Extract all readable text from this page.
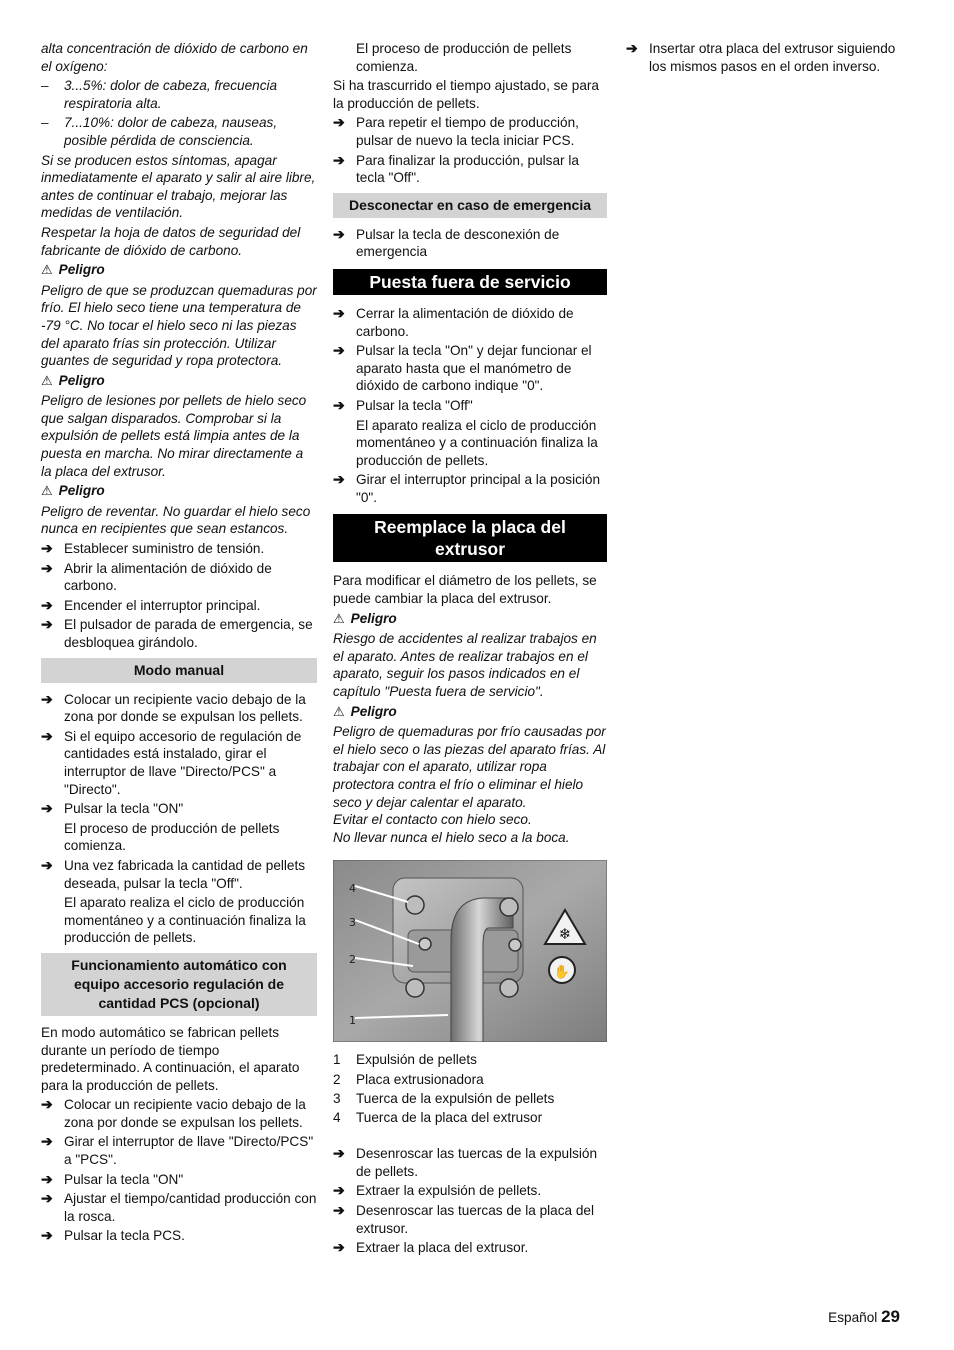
alta concentración de dióxido de carbono en el oxígeno:

– 3...5%: dolor de cabeza, frecuencia respiratoria alta.
– 7...10%: dolor de cabeza, nauseas, posible pérdida de consciencia.

Si se producen estos síntomas, apagar inmediatamente el aparato y salir al aire libre, antes de continuar el trabajo, mejorar las medidas de ventilación.

Respetar la hoja de datos de seguridad del fabricante de dióxido de carbono.

⚠ Peligro

Peligro de que se produzcan quemaduras por frío. El hielo seco tiene una temperatura de -79 °C. No tocar el hielo seco ni las piezas del aparato frías sin protección. Utilizar guantes de seguridad y ropa protectora.

⚠ Peligro

Peligro de lesiones por pellets de hielo seco que salgan disparados. Comprobar si la expulsión de pellets está limpia antes de la puesta en marcha. No mirar directamente a la placa del extrusor.

⚠ Peligro

Peligro de reventar. No guardar el hielo seco nunca en recipientes que sean estancos.

➔ Establecer suministro de tensión.
➔ Abrir la alimentación de dióxido de carbono.
➔ Encender el interruptor principal.
➔ El pulsador de parada de emergencia, se desbloquea girándolo.
Modo manual
➔ Colocar un recipiente vacio debajo de la zona por donde se expulsan los pellets.
➔ Si el equipo accesorio de regulación de cantidades está instalado, girar el interruptor de llave "Directo/PCS" a "Directo".
➔ Pulsar la tecla "ON"
El proceso de producción de pellets comienza.
➔ Una vez fabricada la cantidad de pellets deseada, pulsar la tecla "Off".
El aparato realiza el ciclo de producción momentáneo y a continuación finaliza la producción de pellets.
Funcionamiento automático con equipo accesorio regulación de cantidad PCS (opcional)

En modo automático se fabrican pellets durante un período de tiempo predeterminado. A continuación, el aparato para la producción de pellets.

➔ Colocar un recipiente vacio debajo de la zona por donde se expulsan los pellets.
➔ Girar el interruptor de llave "Directo/PCS" a "PCS".
➔ Pulsar la tecla "ON"
➔ Ajustar el tiempo/cantidad producción con la rosca.
➔ Pulsar la tecla PCS.
El proceso de producción de pellets comienza.

Si ha trascurrido el tiempo ajustado, se para la producción de pellets.

➔ Para repetir el tiempo de producción, pulsar de nuevo la tecla iniciar PCS.
➔ Para finalizar la producción, pulsar la tecla "Off".
Desconectar en caso de emergencia
➔ Pulsar la tecla de desconexión de emergencia
Puesta fuera de servicio
➔ Cerrar la alimentación de dióxido de carbono.
➔ Pulsar la tecla "On" y dejar funcionar el aparato hasta que el manómetro de dióxido de carbono indique "0".
➔ Pulsar la tecla "Off"
El aparato realiza el ciclo de producción momentáneo y a continuación finaliza la producción de pellets.
➔ Girar el interruptor principal a la posición "0".
Reemplace la placa del extrusor

Para modificar el diámetro de los pellets, se puede cambiar la placa del extrusor.

⚠ Peligro

Riesgo de accidentes al realizar trabajos en el aparato. Antes de realizar trabajos en el aparato, seguir los pasos indicados en el capítulo "Puesta fuera de servicio".

⚠ Peligro

Peligro de quemaduras por frío causadas por el hielo seco o las piezas del aparato frías. Al trabajar con el aparato, utilizar ropa protectora contra el frío o eliminar el hielo seco y dejar calentar el aparato.

Evitar el contacto con hielo seco.

No llevar nunca el hielo seco a la boca.

❄
✋
4
3
2
1
1 Expulsión de pellets
2 Placa extrusionadora
3 Tuerca de la expulsión de pellets
4 Tuerca de la placa del extrusor
➔ Desenroscar las tuercas de la expulsión de pellets.
➔ Extraer la expulsión de pellets.
➔ Desenroscar las tuercas de la placa del extrusor.
➔ Extraer la placa del extrusor.
➔ Insertar otra placa del extrusor siguiendo los mismos pasos en el orden inverso.
Español 29
